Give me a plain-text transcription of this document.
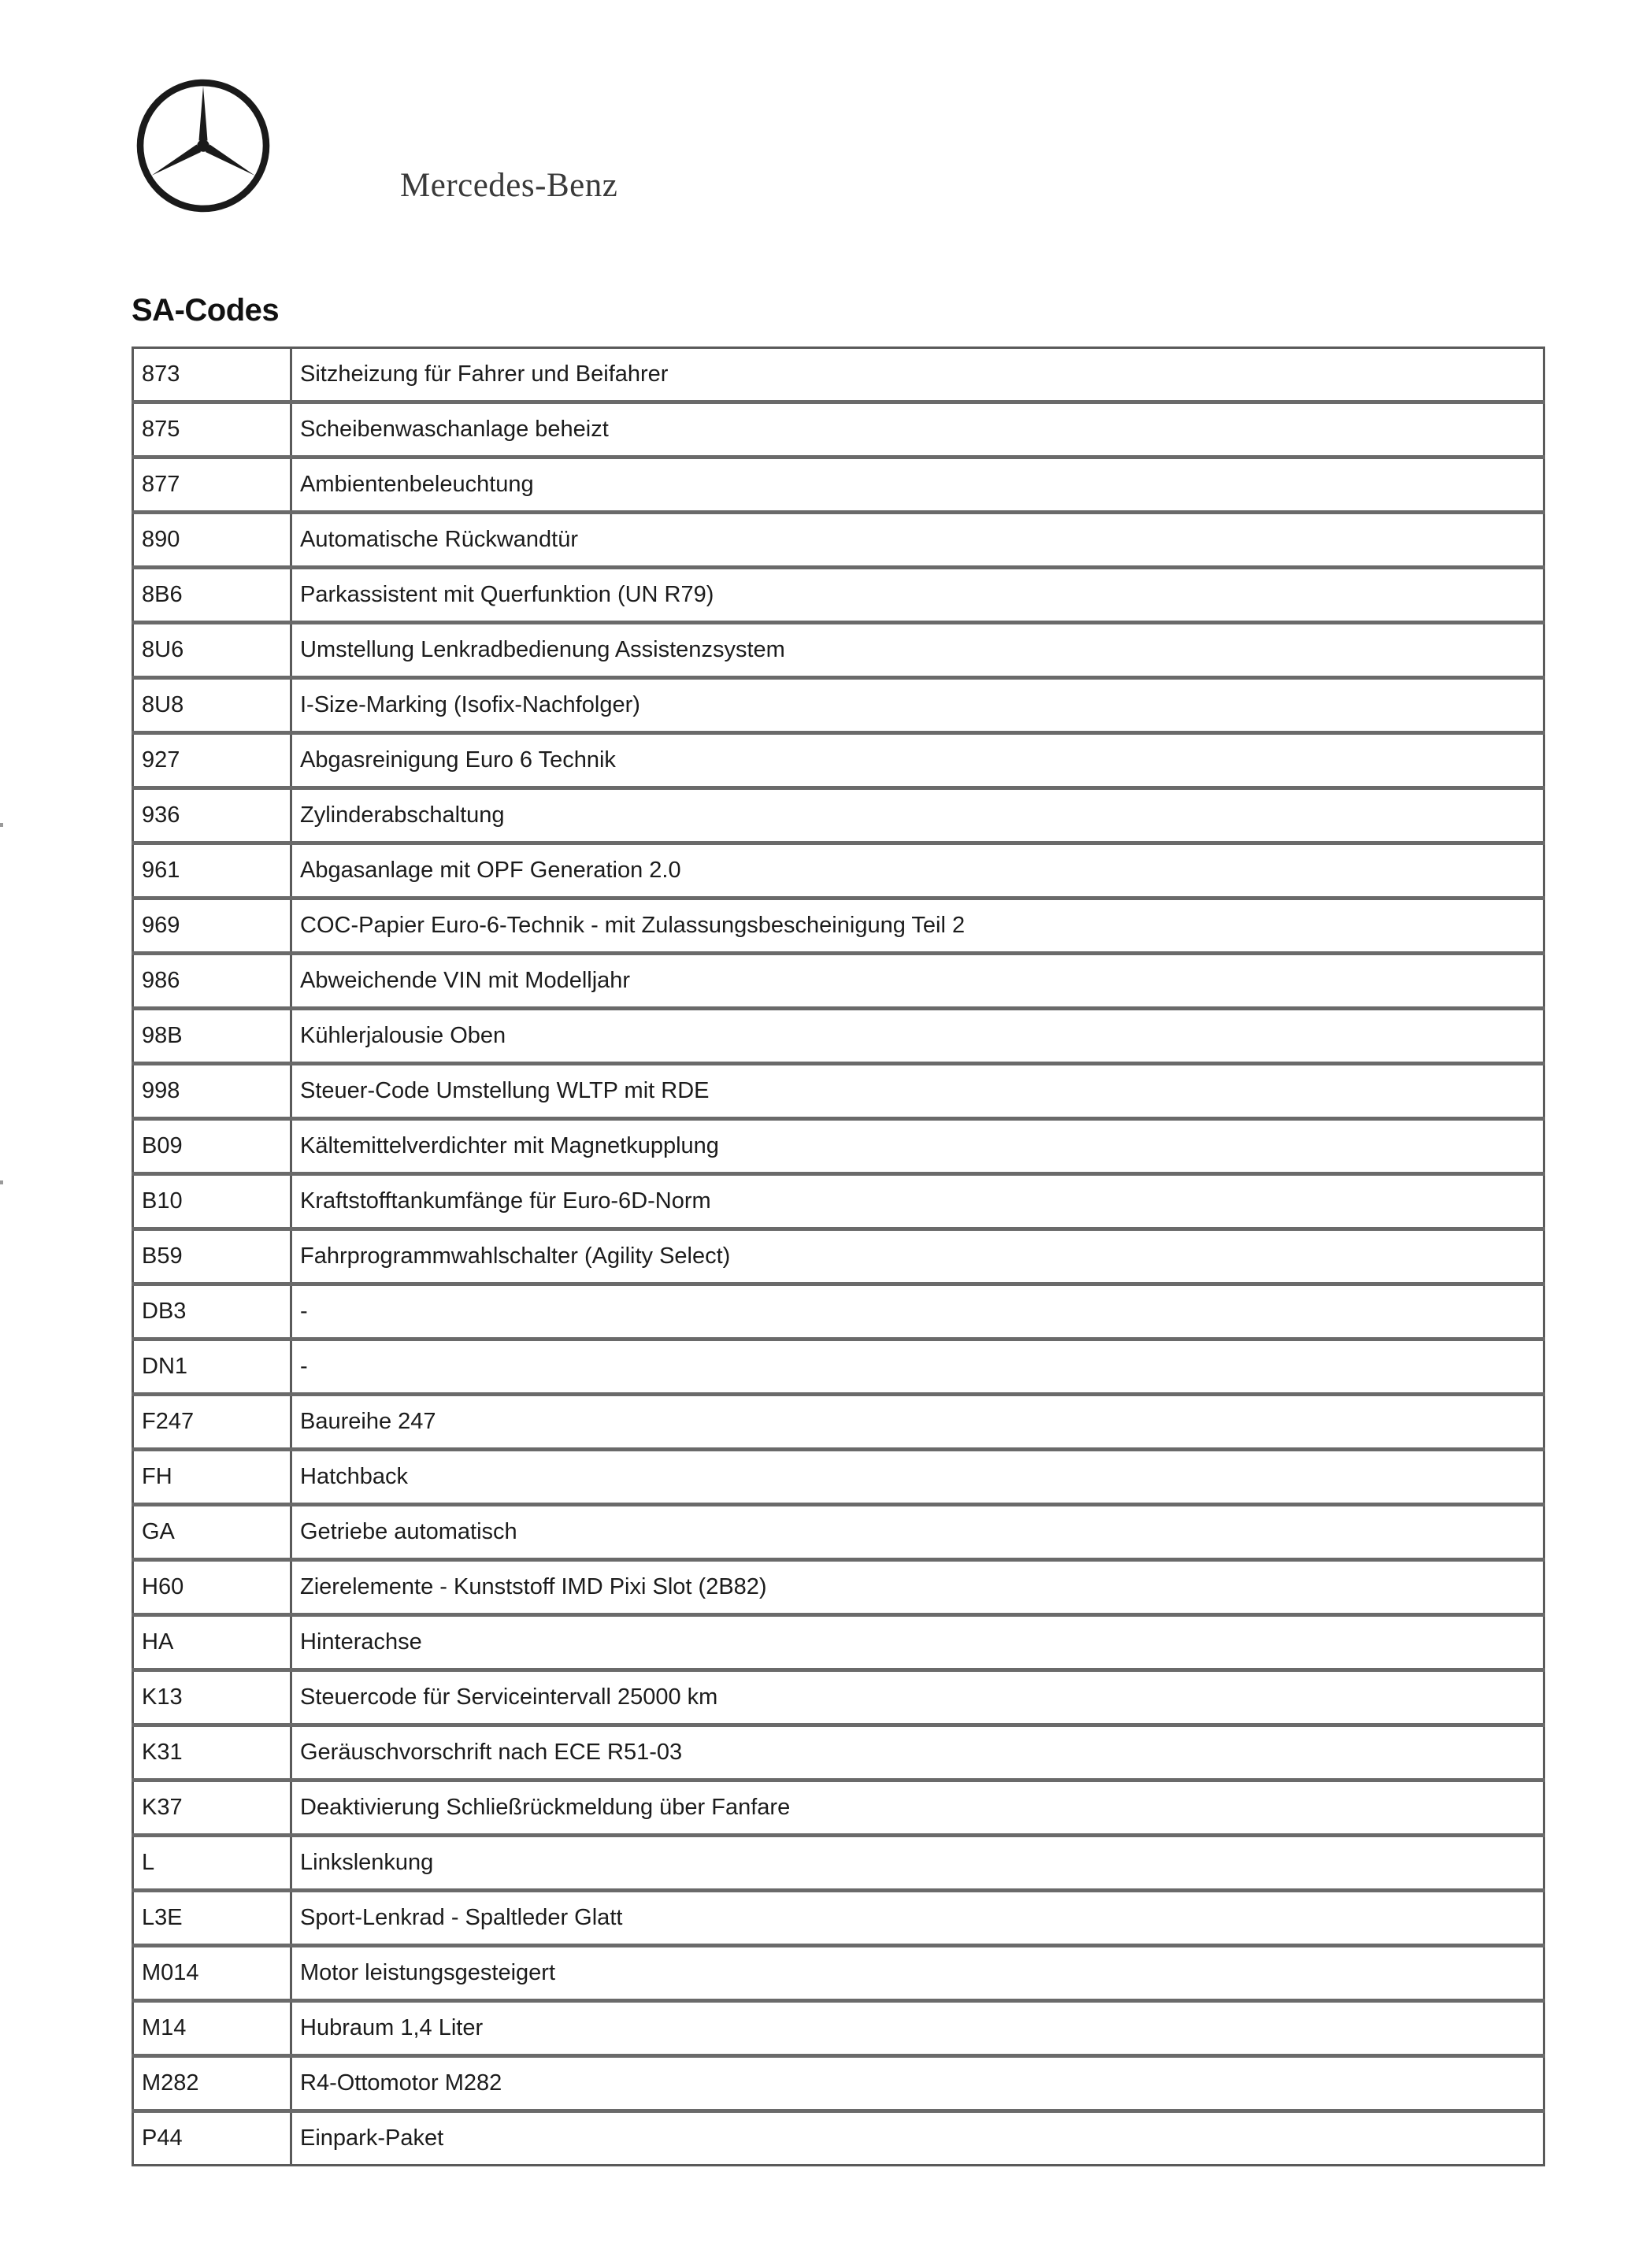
Mercedes-Benz
SA-Codes
873	Sitzheizung für Fahrer und Beifahrer
875	Scheibenwaschanlage beheizt
877	Ambientenbeleuchtung
890	Automatische Rückwandtür
8B6	Parkassistent mit Querfunktion (UN R79)
8U6	Umstellung Lenkradbedienung Assistenzsystem
8U8	I-Size-Marking (Isofix-Nachfolger)
927	Abgasreinigung Euro 6 Technik
936	Zylinderabschaltung
961	Abgasanlage mit OPF Generation 2.0
969	COC-Papier Euro-6-Technik - mit Zulassungsbescheinigung Teil 2
986	Abweichende VIN mit Modelljahr
98B	Kühlerjalousie Oben
998	Steuer-Code Umstellung WLTP mit RDE
B09	Kältemittelverdichter mit Magnetkupplung
B10	Kraftstofftankumfänge für Euro-6D-Norm
B59	Fahrprogrammwahlschalter (Agility Select)
DB3	-
DN1	-
F247	Baureihe 247
FH	Hatchback
GA	Getriebe automatisch
H60	Zierelemente - Kunststoff IMD Pixi Slot (2B82)
HA	Hinterachse
K13	Steuercode für Serviceintervall 25000 km
K31	Geräuschvorschrift nach ECE R51-03
K37	Deaktivierung Schließrückmeldung über Fanfare
L	Linkslenkung
L3E	Sport-Lenkrad - Spaltleder Glatt
M014	Motor leistungsgesteigert
M14	Hubraum 1,4 Liter
M282	R4-Ottomotor M282
P44	Einpark-Paket
